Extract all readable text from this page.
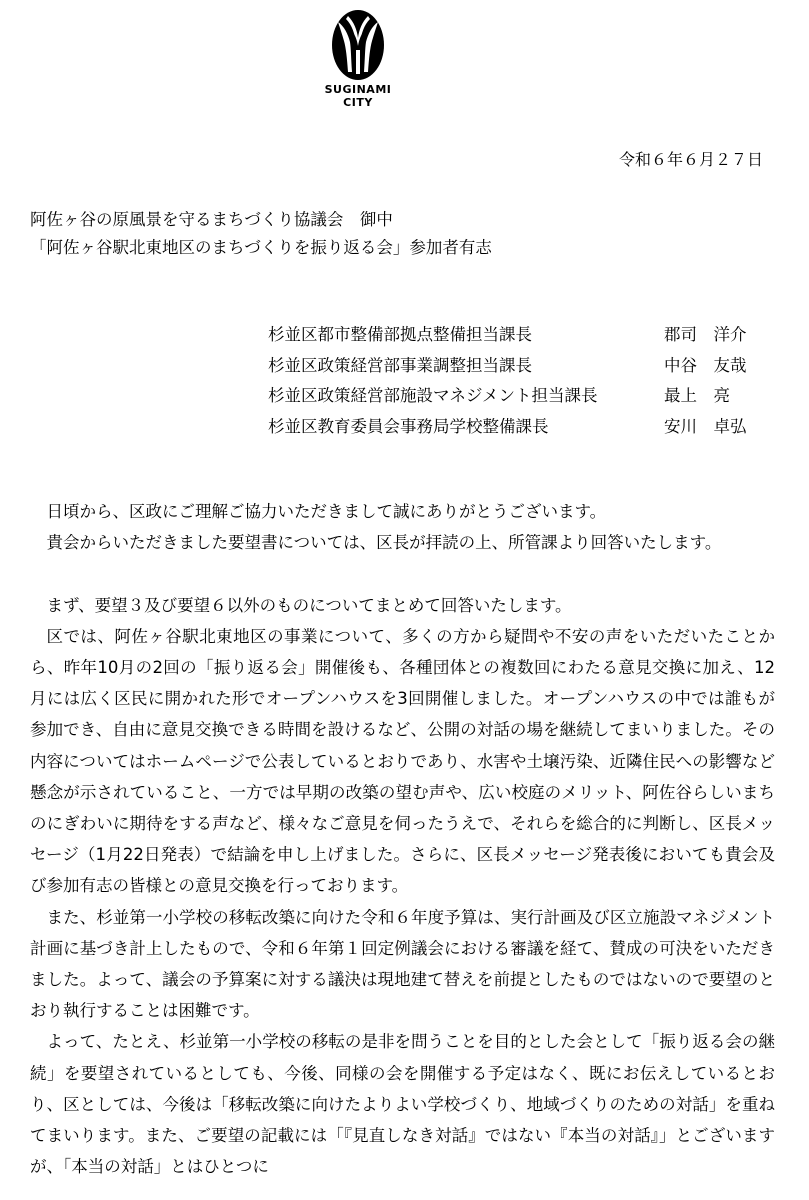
SUGINAMI
CITY
令和６年６月２７日
阿佐ヶ谷の原風景を守るまちづくり協議会　御中
「阿佐ヶ谷駅北東地区のまちづくりを振り返る会」参加者有志
杉並区都市整備部拠点整備担当課長	郡司　洋介
杉並区政策経営部事業調整担当課長	中谷　友哉
杉並区政策経営部施設マネジメント担当課長	最上　亮
杉並区教育委員会事務局学校整備課長	安川　卓弘

日頃から、区政にご理解ご協力いただきまして誠にありがとうございます。

貴会からいただきました要望書については、区長が拝読の上、所管課より回答いたします。

まず、要望３及び要望６以外のものについてまとめて回答いたします。

区では、阿佐ヶ谷駅北東地区の事業について、多くの方から疑問や不安の声をいただいたことから、昨年10月の2回の「振り返る会」開催後も、各種団体との複数回にわたる意見交換に加え、12月には広く区民に開かれた形でオープンハウスを3回開催しました。オープンハウスの中では誰もが参加でき、自由に意見交換できる時間を設けるなど、公開の対話の場を継続してまいりました。その内容についてはホームページで公表しているとおりであり、水害や土壌汚染、近隣住民への影響など懸念が示されていること、一方では早期の改築の望む声や、広い校庭のメリット、阿佐谷らしいまちのにぎわいに期待をする声など、様々なご意見を伺ったうえで、それらを総合的に判断し、区長メッセージ（1月22日発表）で結論を申し上げました。さらに、区長メッセージ発表後においても貴会及び参加有志の皆様との意見交換を行っております。

また、杉並第一小学校の移転改築に向けた令和６年度予算は、実行計画及び区立施設マネジメント計画に基づき計上したもので、令和６年第１回定例議会における審議を経て、賛成の可決をいただきました。よって、議会の予算案に対する議決は現地建て替えを前提としたものではないので要望のとおり執行することは困難です。

よって、たとえ、杉並第一小学校の移転の是非を問うことを目的とした会として「振り返る会の継続」を要望されているとしても、今後、同様の会を開催する予定はなく、既にお伝えしているとおり、区としては、今後は「移転改築に向けたよりよい学校づくり、地域づくりのための対話」を重ねてまいります。また、ご要望の記載には「『見直しなき対話』ではない『本当の対話』」とございますが、「本当の対話」とはひとつに
